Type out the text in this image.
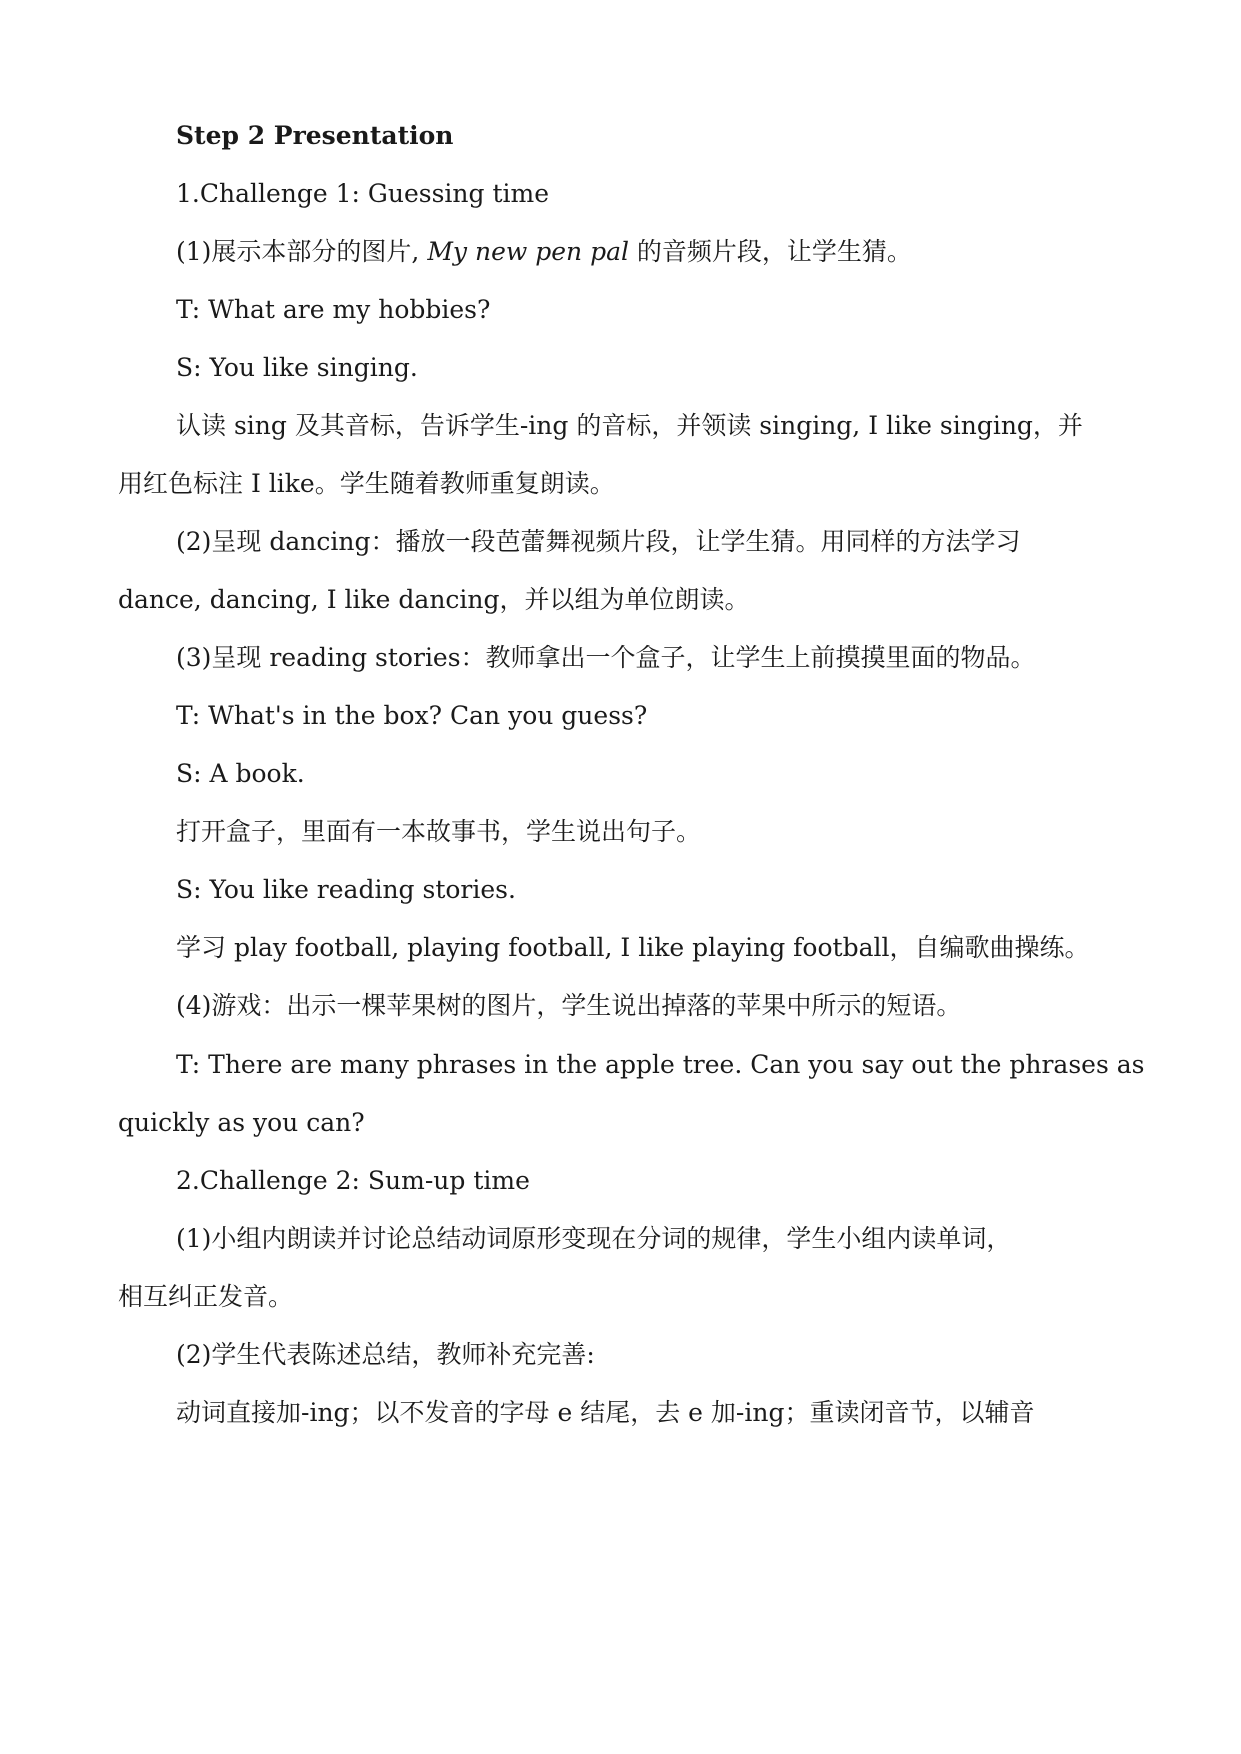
Step 2 Presentation
1.Challenge 1: Guessing time
(1)展示本部分的图片, My new pen pal 的音频片段，让学生猜。
T: What are my hobbies?
S: You like singing.
认读 sing 及其音标，告诉学生-ing 的音标，并领读 singing, I like singing，并
用红色标注 I like。学生随着教师重复朗读。
(2)呈现 dancing：播放一段芭蕾舞视频片段，让学生猜。用同样的方法学习
dance, dancing, I like dancing，并以组为单位朗读。
(3)呈现 reading stories：教师拿出一个盒子，让学生上前摸摸里面的物品。
T: What's in the box? Can you guess?
S: A book.
打开盒子，里面有一本故事书，学生说出句子。
S: You like reading stories.
学习 play football, playing football, I like playing football，自编歌曲操练。
(4)游戏：出示一棵苹果树的图片，学生说出掉落的苹果中所示的短语。
T: There are many phrases in the apple tree. Can you say out the phrases as
quickly as you can?
2.Challenge 2: Sum-up time
(1)小组内朗读并讨论总结动词原形变现在分词的规律，学生小组内读单词，
相互纠正发音。
(2)学生代表陈述总结，教师补充完善:
动词直接加-ing；以不发音的字母 e 结尾，去 e 加-ing；重读闭音节，以辅音
